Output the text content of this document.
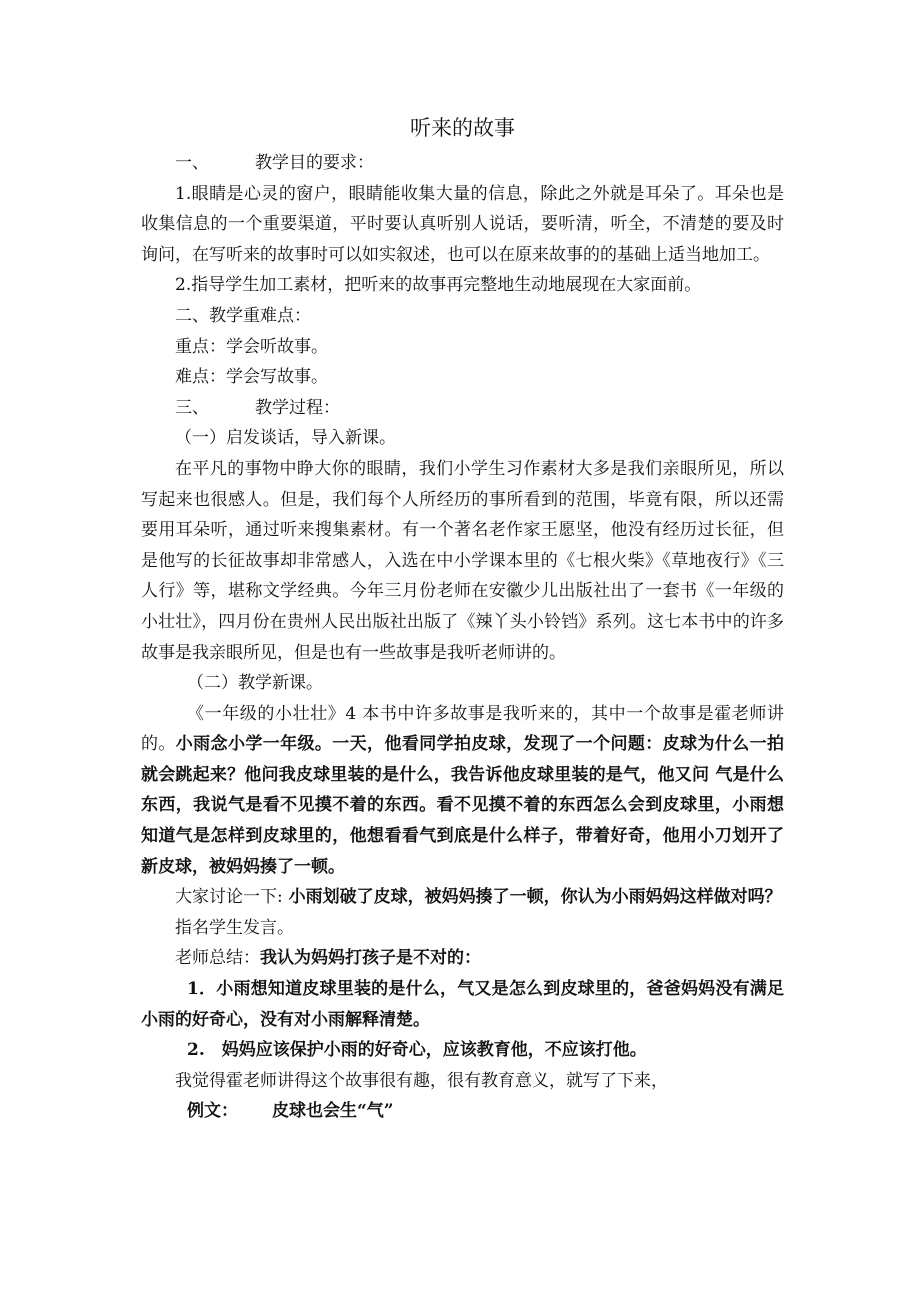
听来的故事

一、	教学目的要求：

1.眼睛是心灵的窗户，眼睛能收集大量的信息，除此之外就是耳朵了。耳朵也是收集信息的一个重要渠道，平时要认真听别人说话，要听清，听全，不清楚的要及时询问，在写听来的故事时可以如实叙述，也可以在原来故事的的基础上适当地加工。

2.指导学生加工素材，把听来的故事再完整地生动地展现在大家面前。

二、教学重难点：

重点：学会听故事。

难点：学会写故事。

三、	教学过程：

（一）启发谈话，导入新课。

在平凡的事物中睁大你的眼睛，我们小学生习作素材大多是我们亲眼所见，所以写起来也很感人。但是，我们每个人所经历的事所看到的范围，毕竟有限，所以还需要用耳朵听，通过听来搜集素材。有一个著名老作家王愿坚，他没有经历过长征，但是他写的长征故事却非常感人，入选在中小学课本里的《七根火柴》《草地夜行》《三人行》等，堪称文学经典。今年三月份老师在安徽少儿出版社出了一套书《一年级的小壮壮》，四月份在贵州人民出版社出版了《辣丫头小铃铛》系列。这七本书中的许多故事是我亲眼所见，但是也有一些故事是我听老师讲的。

（二）教学新课。

《一年级的小壮壮》4 本书中许多故事是我听来的，其中一个故事是霍老师讲的。小雨念小学一年级。一天，他看同学拍皮球，发现了一个问题：皮球为什么一拍就会跳起来？他问我皮球里装的是什么，我告诉他皮球里装的是气，他又问 气是什么东西，我说气是看不见摸不着的东西。看不见摸不着的东西怎么会到皮球里，小雨想知道气是怎样到皮球里的，他想看看气到底是什么样子，带着好奇，他用小刀划开了新皮球，被妈妈揍了一顿。

大家讨论一下: 小雨划破了皮球，被妈妈揍了一顿，你认为小雨妈妈这样做对吗？

指名学生发言。

老师总结：我认为妈妈打孩子是不对的：

1．小雨想知道皮球里装的是什么，气又是怎么到皮球里的，爸爸妈妈没有满足小雨的好奇心，没有对小雨解释清楚。

2.　妈妈应该保护小雨的好奇心，应该教育他，不应该打他。

我觉得霍老师讲得这个故事很有趣，很有教育意义，就写了下来，

例文： 皮球也会生“气”
